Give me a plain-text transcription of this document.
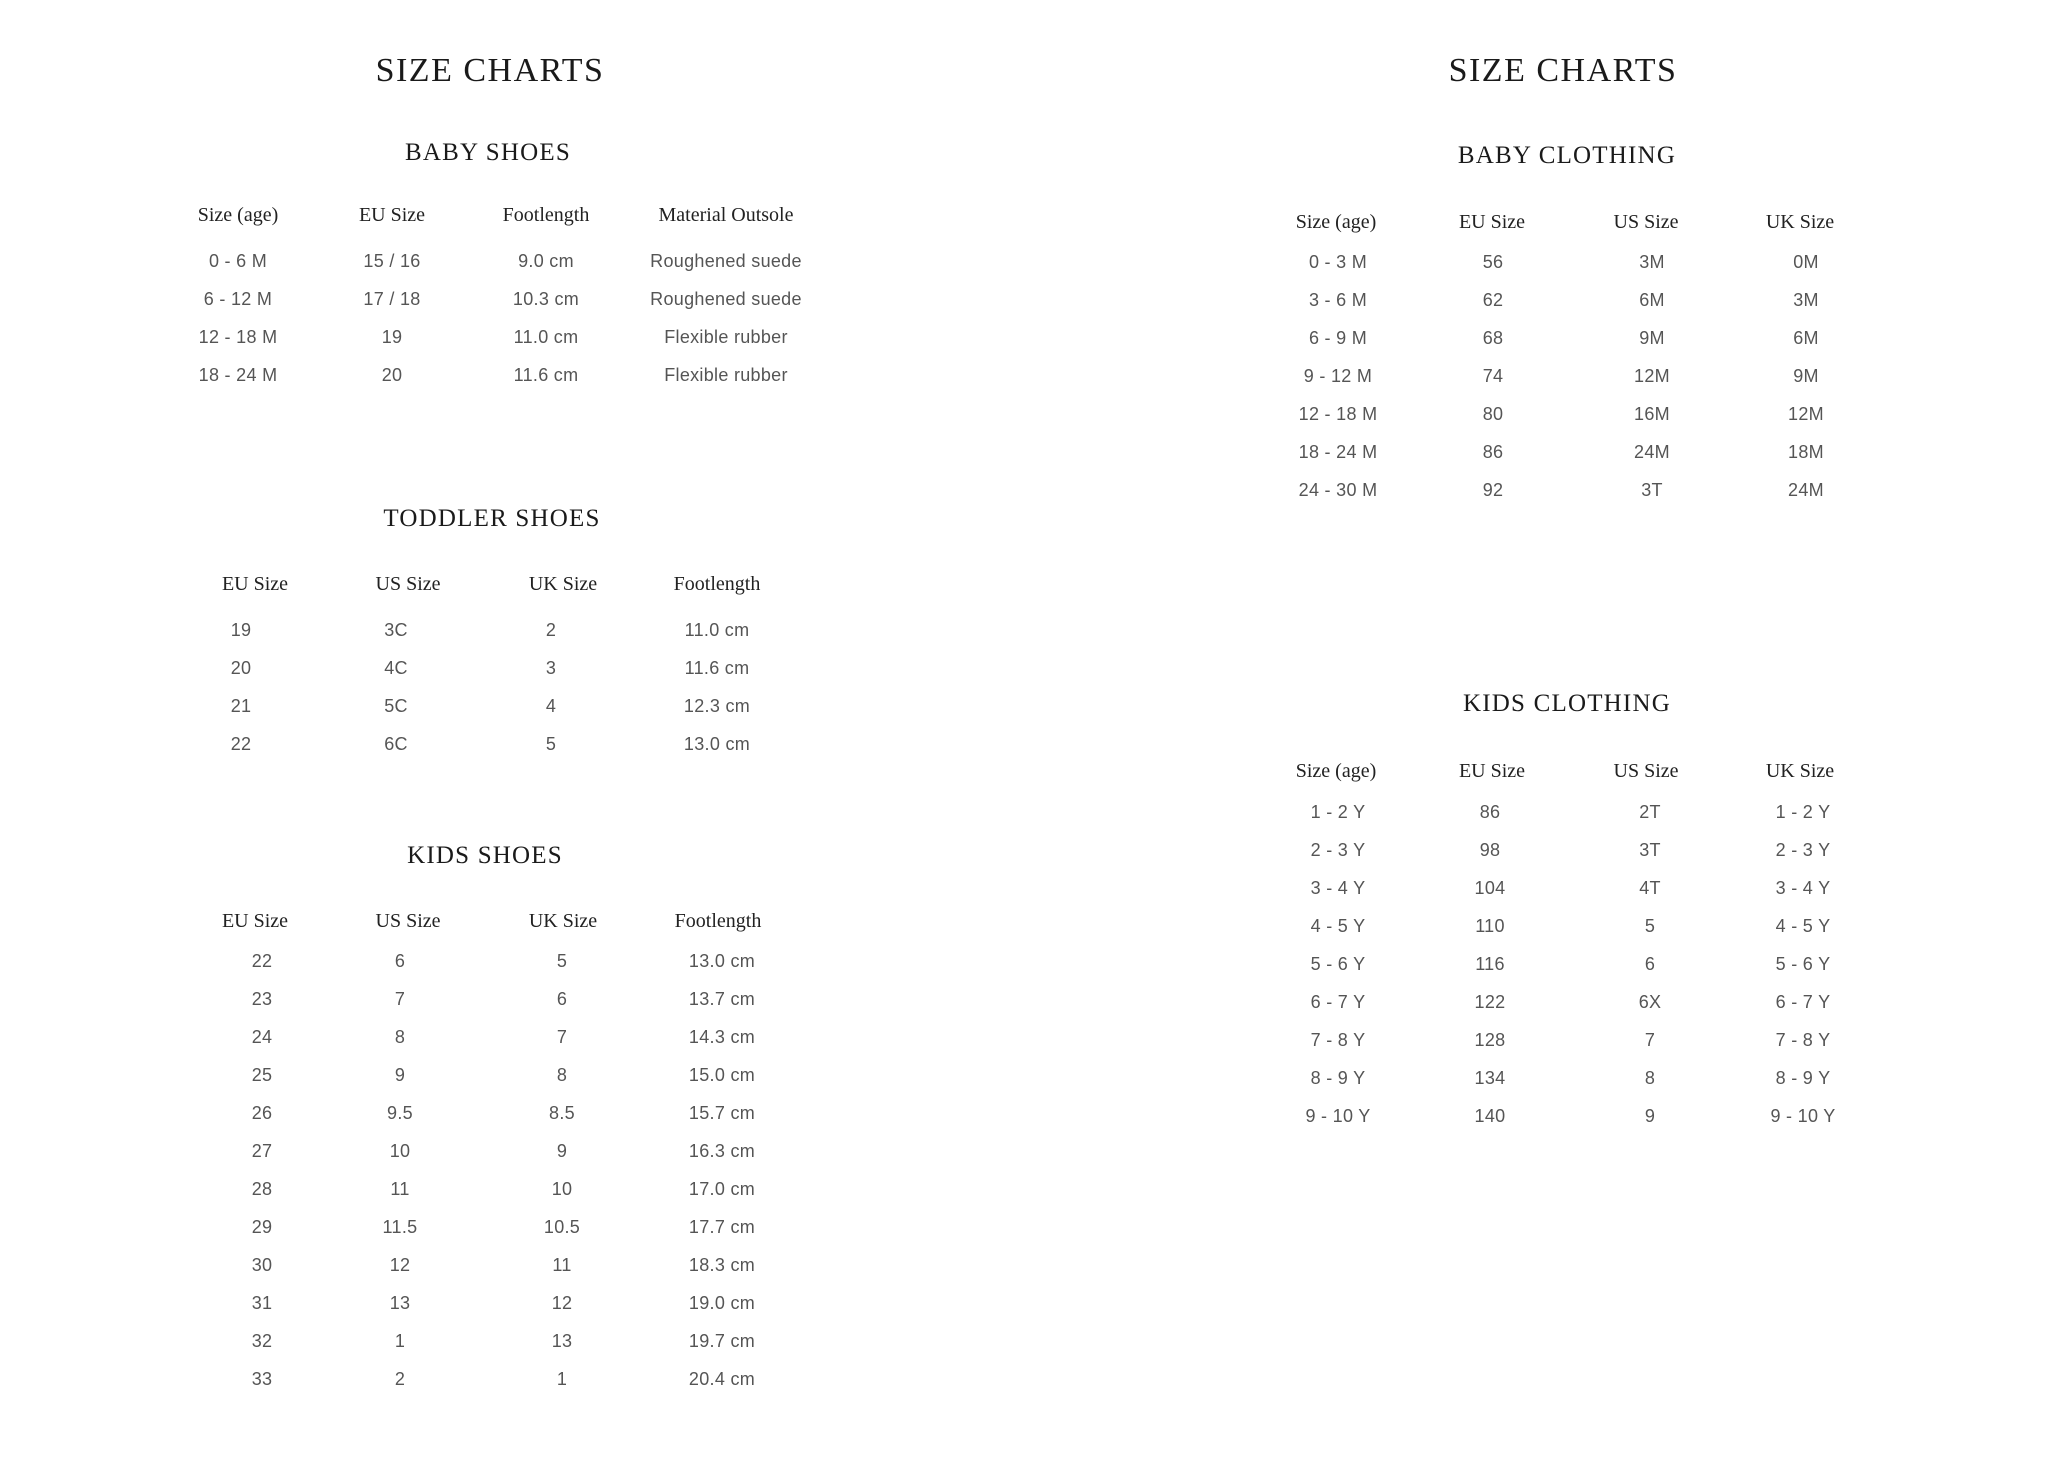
SIZE CHARTS	SIZE CHARTS
BABY SHOES
TODDLER SHOES
KIDS SHOES
BABY CLOTHING
KIDS CLOTHING
Size (age)	EU Size	Footlength	Material Outsole
0 - 6 M	15 / 16	9.0 cm	Roughened suede
6 - 12 M	17 / 18	10.3 cm	Roughened suede
12 - 18 M	19	11.0 cm	Flexible rubber
18 - 24 M	20	11.6 cm	Flexible rubber
EU Size	US Size	UK Size	Footlength
19	3C	2	11.0 cm
20	4C	3	11.6 cm
21	5C	4	12.3 cm
22	6C	5	13.0 cm
EU Size	US Size	UK Size	Footlength
22	6	5	13.0 cm
23	7	6	13.7 cm
24	8	7	14.3 cm
25	9	8	15.0 cm
26	9.5	8.5	15.7 cm
27	10	9	16.3 cm
28	11	10	17.0 cm
29	11.5	10.5	17.7 cm
30	12	11	18.3 cm
31	13	12	19.0 cm
32	1	13	19.7 cm
33	2	1	20.4 cm
Size (age)	EU Size	US Size	UK Size
0 - 3 M	56	3M	0M
3 - 6 M	62	6M	3M
6 - 9 M	68	9M	6M
9 - 12 M	74	12M	9M
12 - 18 M	80	16M	12M
18 - 24 M	86	24M	18M
24 - 30 M	92	3T	24M
Size (age)	EU Size	US Size	UK Size
1 - 2 Y	86	2T	1 - 2 Y
2 - 3 Y	98	3T	2 - 3 Y
3 - 4 Y	104	4T	3 - 4 Y
4 - 5 Y	110	5	4 - 5 Y
5 - 6 Y	116	6	5 - 6 Y
6 - 7 Y	122	6X	6 - 7 Y
7 - 8 Y	128	7	7 - 8 Y
8 - 9 Y	134	8	8 - 9 Y
9 - 10 Y	140	9	9 - 10 Y
